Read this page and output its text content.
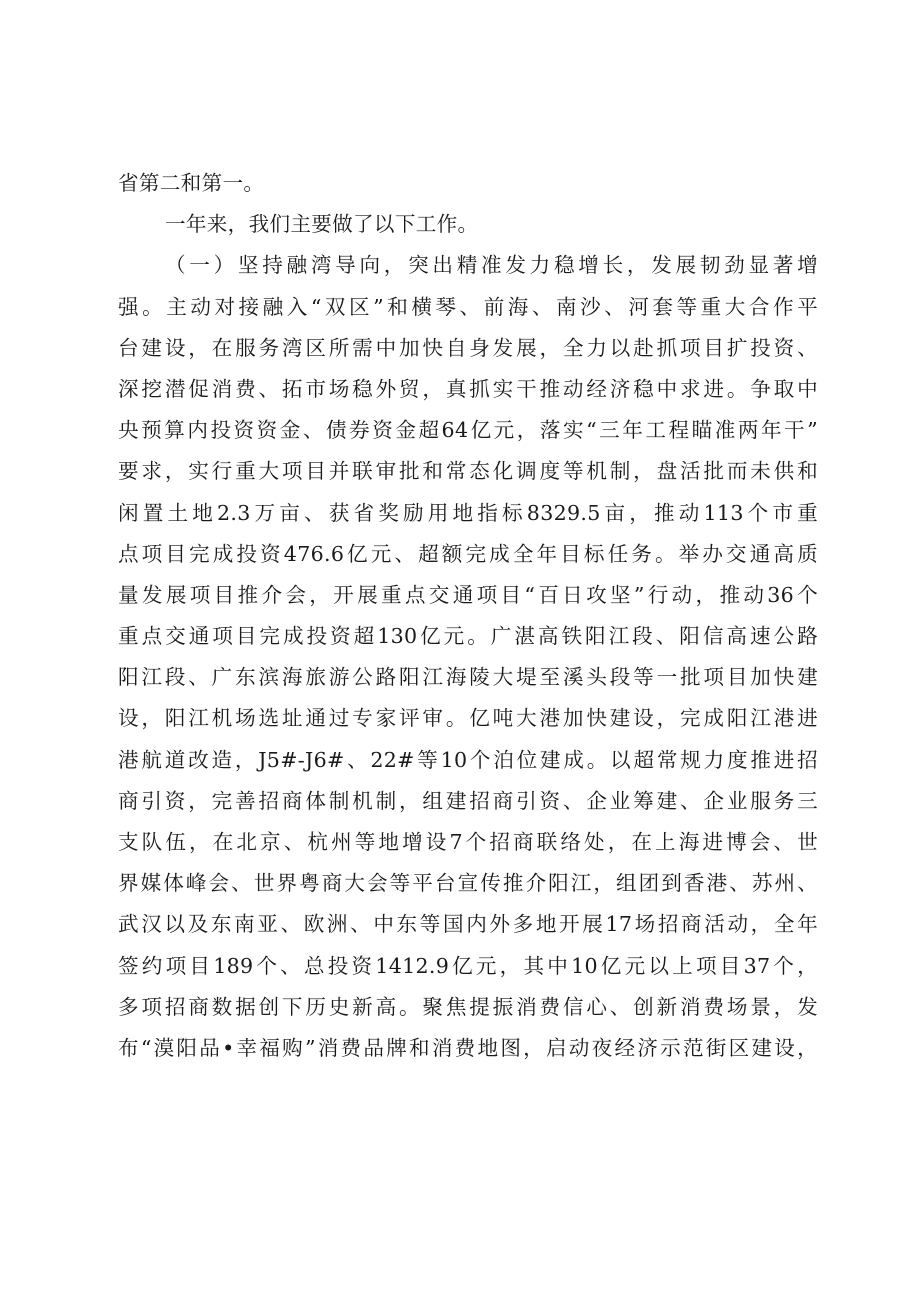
省第二和第一。
一年来，我们主要做了以下工作。
（一）坚持融湾导向，突出精准发力稳增长，发展韧劲显著增
强。主动对接融入“双区”和横琴、前海、南沙、河套等重大合作平
台建设，在服务湾区所需中加快自身发展，全力以赴抓项目扩投资、
深挖潜促消费、拓市场稳外贸，真抓实干推动经济稳中求进。争取中
央预算内投资资金、债券资金超64亿元，落实“三年工程瞄准两年干”
要求，实行重大项目并联审批和常态化调度等机制，盘活批而未供和
闲置土地2.3万亩、获省奖励用地指标8329.5亩，推动113个市重
点项目完成投资476.6亿元、超额完成全年目标任务。举办交通高质
量发展项目推介会，开展重点交通项目“百日攻坚”行动，推动36个
重点交通项目完成投资超130亿元。广湛高铁阳江段、阳信高速公路
阳江段、广东滨海旅游公路阳江海陵大堤至溪头段等一批项目加快建
设，阳江机场选址通过专家评审。亿吨大港加快建设，完成阳江港进
港航道改造，J5#-J6#、22#等10个泊位建成。以超常规力度推进招
商引资，完善招商体制机制，组建招商引资、企业筹建、企业服务三
支队伍，在北京、杭州等地增设7个招商联络处，在上海进博会、世
界媒体峰会、世界粤商大会等平台宣传推介阳江，组团到香港、苏州、
武汉以及东南亚、欧洲、中东等国内外多地开展17场招商活动，全年
签约项目189个、总投资1412.9亿元，其中10亿元以上项目37个，
多项招商数据创下历史新高。聚焦提振消费信心、创新消费场景，发
布“漠阳品•幸福购”消费品牌和消费地图，启动夜经济示范街区建设，
